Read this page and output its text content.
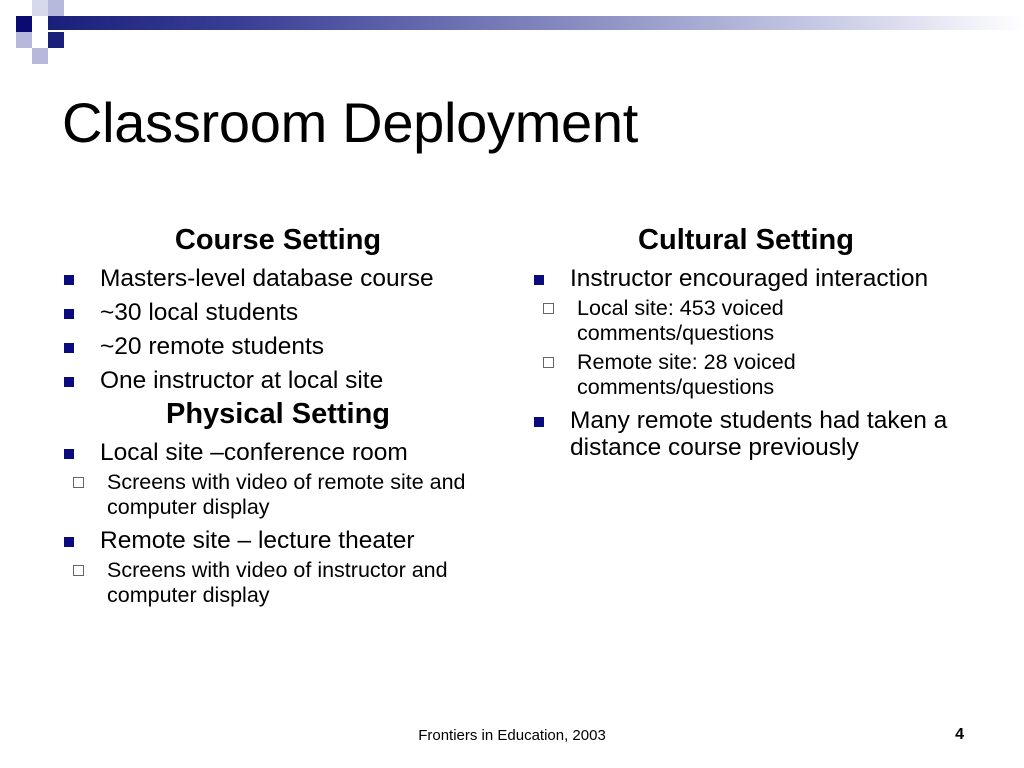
Classroom Deployment
Course Setting
Masters-level database course
~30 local students
~20 remote students
One instructor at local site
Physical Setting
Local site –conference room
Screens with video of remote site and computer display
Remote site – lecture theater
Screens with video of instructor and computer display
Cultural Setting
Instructor encouraged interaction
Local site: 453 voiced comments/questions
Remote site: 28 voiced comments/questions
Many remote students had taken a distance course previously
Frontiers in Education, 2003	4
